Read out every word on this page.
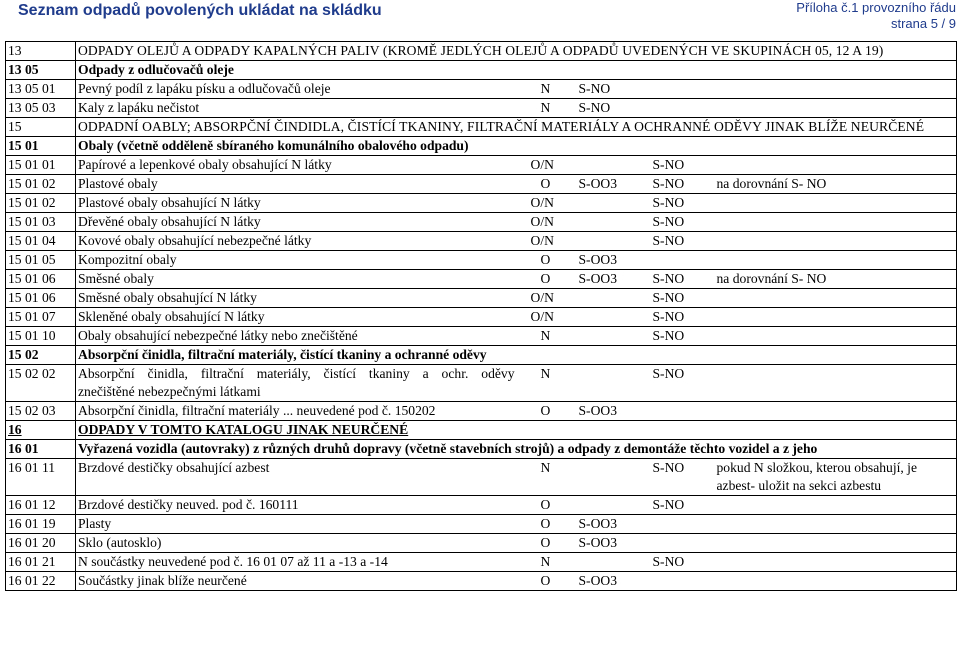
Seznam odpadů povolených ukládat na skládku	Příloha č.1 provozního řádu
strana 5 / 9
13	ODPADY OLEJŮ A ODPADY KAPALNÝCH PALIV (KROMĚ JEDLÝCH OLEJŮ A ODPADŮ UVEDENÝCH VE SKUPINÁCH 05, 12 A 19)				
13 05	Odpady z odlučovačů oleje				
13 05 01	Pevný podíl z lapáku písku a odlučovačů oleje	N	S-NO		

13 05 03	Kaly z lapáku nečistot	N	S-NO		

15	ODPADNÍ OABLY; ABSORPČNÍ ČINDIDLA, ČISTÍCÍ TKANINY, FILTRAČNÍ MATERIÁLY A OCHRANNÉ ODĚVY JINAK BLÍŽE NEURČENÉ				
15 01	Obaly (včetně odděleně sbíraného komunálního obalového odpadu)				
15 01 01	Papírové a lepenkové obaly obsahující N látky	O/N		S-NO	

15 01 02	Plastové obaly	O	S-OO3	S-NO	na dorovnání S- NO

15 01 02	Plastové obaly obsahující N látky	O/N		S-NO	

15 01 03	Dřevěné obaly obsahující N látky	O/N		S-NO	

15 01 04	Kovové obaly obsahující nebezpečné látky	O/N		S-NO	

15 01 05	Kompozitní obaly	O	S-OO3		

15 01 06	Směsné obaly	O	S-OO3	S-NO	na dorovnání S- NO

15 01 06	Směsné obaly obsahující N látky	O/N		S-NO	

15 01 07	Skleněné obaly obsahující N látky	O/N		S-NO	

15 01 10	Obaly obsahující nebezpečné látky nebo znečištěné	N		S-NO	

15 02	Absorpční činidla, filtrační materiály, čistící tkaniny a ochranné oděvy				
15 02 02	Absorpční činidla, filtrační materiály, čistící tkaniny a ochr. oděvy
znečištěné nebezpečnými látkami	N		S-NO	

15 02 03	Absorpční činidla, filtrační materiály ... neuvedené pod č. 150202	O	S-OO3		

16	ODPADY V TOMTO KATALOGU JINAK NEURČENÉ				
16 01	Vyřazená vozidla (autovraky) z různých druhů dopravy (včetně stavebních strojů) a odpady z demontáže těchto vozidel a z jeho				
16 01 11	Brzdové destičky obsahující azbest	N		S-NO	pokud N složkou, kterou obsahují, je
azbest- uložit na sekci azbestu

16 01 12	Brzdové destičky neuved. pod č. 160111	O		S-NO	

16 01 19	Plasty	O	S-OO3		

16 01 20	Sklo (autosklo)	O	S-OO3		

16 01 21	N součástky neuvedené pod č. 16 01 07 až 11 a -13 a -14	N		S-NO	

16 01 22	Součástky jinak blíže neurčené	O	S-OO3		
